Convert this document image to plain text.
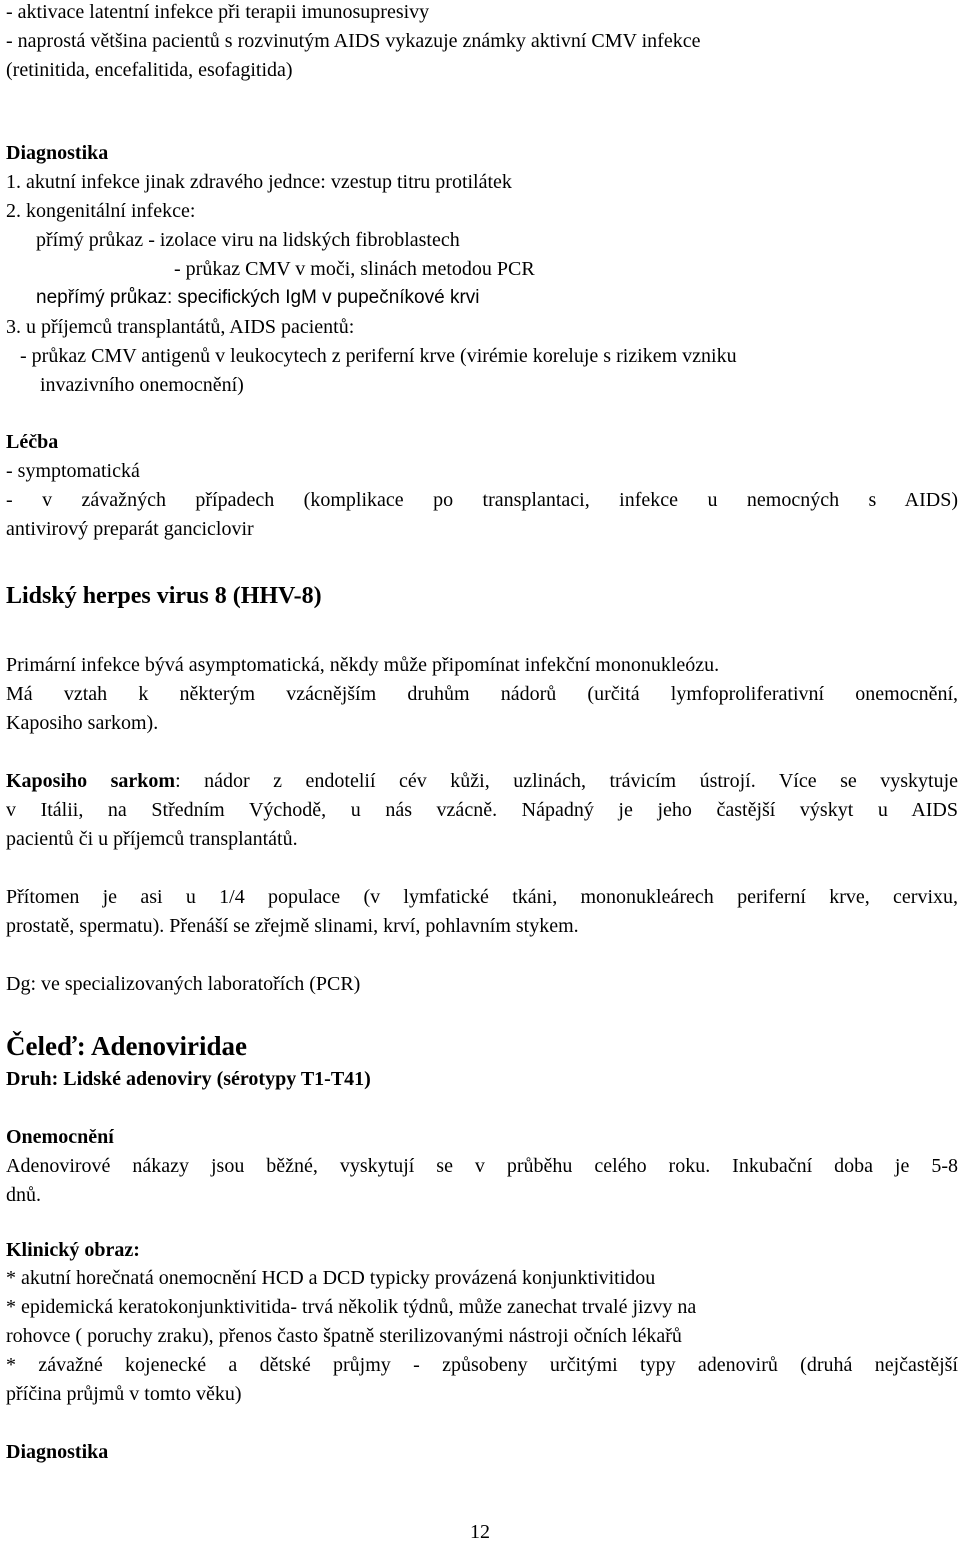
- aktivace latentní infekce při terapii imunosupresivy
- naprostá většina pacientů s rozvinutým AIDS vykazuje známky aktivní CMV infekce
(retinitida, encefalitida, esofagitida)
Diagnostika
1. akutní infekce jinak zdravého jednce: vzestup titru protilátek
2. kongenitální infekce:
přímý průkaz - izolace viru na lidských fibroblastech
- průkaz CMV v moči, slinách metodou PCR
nepřímý průkaz: specifických IgM v pupečníkové krvi
3. u příjemců transplantátů, AIDS pacientů:
- průkaz CMV antigenů v leukocytech z periferní krve (virémie koreluje s rizikem vzniku
invazivního onemocnění)
Léčba
- symptomatická
- v závažných případech (komplikace po transplantaci, infekce u nemocných s AIDS)
antivirový preparát ganciclovir
Lidský herpes virus 8 (HHV-8)
Primární infekce bývá asymptomatická, někdy může připomínat infekční mononukleózu.
Má vztah k některým vzácnějším druhům nádorů (určitá lymfoproliferativní onemocnění,
Kaposiho sarkom).
Kaposiho sarkom: nádor z endotelií cév kůži, uzlinách, trávicím ústrojí. Více se vyskytuje
v Itálii, na Středním Východě, u nás vzácně. Nápadný je jeho častější výskyt u AIDS
pacientů či u příjemců transplantátů.
Přítomen je asi u 1/4 populace (v lymfatické tkáni, mononukleárech periferní krve, cervixu,
prostatě, spermatu). Přenáší se zřejmě slinami, krví, pohlavním stykem.
Dg: ve specializovaných laboratořích (PCR)
Čeleď: Adenoviridae
Druh: Lidské adenoviry (sérotypy T1-T41)
Onemocnění
Adenovirové nákazy jsou běžné, vyskytují se v průběhu celého roku. Inkubační doba je 5-8
dnů.
Klinický obraz:
* akutní horečnatá onemocnění HCD a DCD typicky provázená konjunktivitidou
* epidemická keratokonjunktivitida- trvá několik týdnů, může zanechat trvalé jizvy na
rohovce ( poruchy zraku), přenos často špatně sterilizovanými nástroji očních lékařů
* závažné kojenecké a dětské průjmy - způsobeny určitými typy adenovirů (druhá nejčastější
příčina průjmů v tomto věku)
Diagnostika
12
